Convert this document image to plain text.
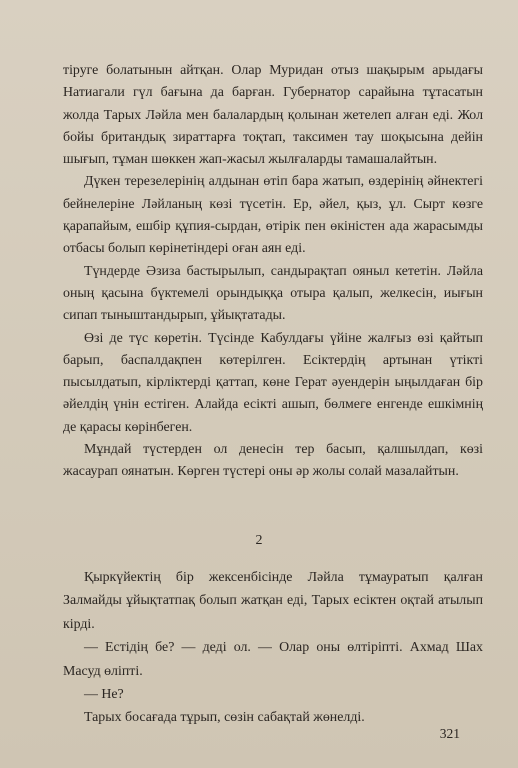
тіруге болатынын айтқан. Олар Муридан отыз шақырым арыдағы Натиагали гүл бағына да барған. Губернатор сарайына тұтасатын жолда Тарых Ләйла мен балалардың қолынан жетелеп алған еді. Жол бойы британдық зираттарға тоқтап, таксимен тау шоқысына дейін шығып, тұман шөккен жап-жасыл жылғаларды тамашалайтын.

Дүкен терезелерінің алдынан өтіп бара жатып, өздерінің әйнектегі бейнелеріне Ләйланың көзі түсетін. Ер, әйел, қыз, ұл. Сырт көзге қарапайым, ешбір құпия-сырдан, өтірік пен өкіністен ада жарасымды отбасы болып көрінетіндері оған аян еді.

Түндерде Әзиза бастырылып, сандырақтап ояныл кететін. Ләйла оның қасына бүктемелі орындыққа отыра қалып, желкесін, иығын сипап тыныштандырып, ұйықтатады.

Өзі де түс көретін. Түсінде Кабулдағы үйіне жалғыз өзі қайтып барып, баспалдақпен көтерілген. Есіктердің артынан үтікті пысылдатып, кірліктерді қаттап, көне Герат әуендерін ыңылдаған бір әйелдің үнін естіген. Алайда есікті ашып, бөлмеге енгенде ешкімнің де қарасы көрінбеген.

Мұндай түстерден ол денесін тер басып, қалшылдап, көзі жасаурап оянатын. Көрген түстері оны әр жолы солай мазалайтын.

2

Қыркүйектің бір жексенбісінде Ләйла тұмауратып қалған Залмайды ұйықтатпақ болып жатқан еді, Тарых есіктен оқтай атылып кірді.

— Естідің бе? — деді ол. — Олар оны өлтіріпті. Ахмад Шах Масуд өліпті.

— Не?

Тарых босағада тұрып, сөзін сабақтай жөнелді.

321
